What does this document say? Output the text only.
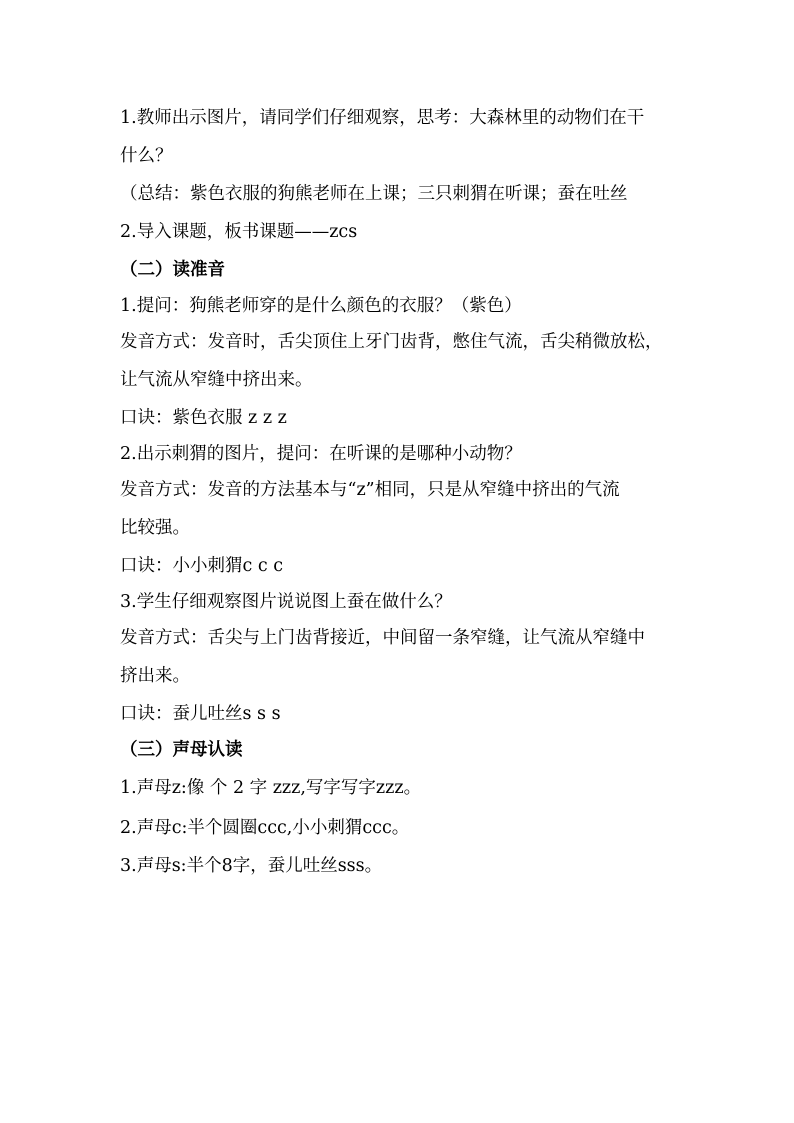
1.教师出示图片，请同学们仔细观察，思考：大森林里的动物们在干
什么？
（总结：紫色衣服的狗熊老师在上课；三只刺猬在听课；蚕在吐丝
2.导入课题，板书课题——zcs
（二）读准音
1.提问：狗熊老师穿的是什么颜色的衣服？（紫色）
发音方式：发音时，舌尖顶住上牙门齿背，憋住气流，舌尖稍微放松，
让气流从窄缝中挤出来。
口诀：紫色衣服 z z z
2.出示刺猬的图片，提问：在听课的是哪种小动物？
发音方式：发音的方法基本与“z”相同，只是从窄缝中挤出的气流
比较强。
口诀：小小刺猬c c c
3.学生仔细观察图片说说图上蚕在做什么？
发音方式：舌尖与上门齿背接近，中间留一条窄缝，让气流从窄缝中
挤出来。
口诀：蚕儿吐丝s s s
（三）声母认读
1.声母z:像 个 2 字 zzz,写字写字zzz。
2.声母c:半个圆圈ccc,小小刺猬ccc。
3.声母s:半个8字，蚕儿吐丝sss。
